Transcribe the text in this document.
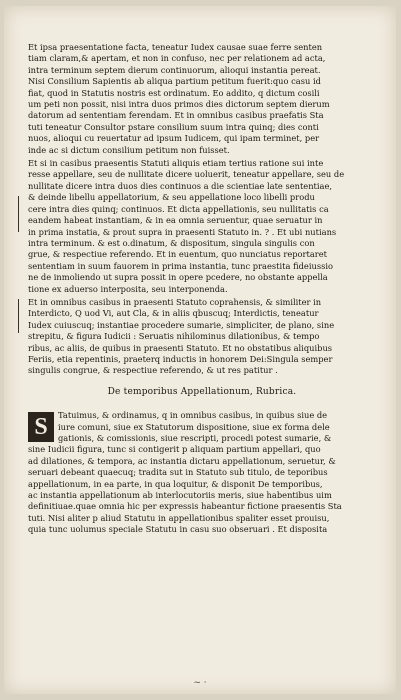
Et ipsa praesentatione facta, teneatur Iudex causae suae ferre senten
tiam claram,& apertam, et non in confuso, nec per relationem ad acta,
intra terminum septem dierum continuorum, alioqui instantia pereat.
Nisi Consilium Sapientis ab aliqua partium petitum fuerit:quo casu id
fiat, quod in Statutis nostris est ordinatum. Eo addito, q dictum cosili
um peti non possit, nisi intra duos primos dies dictorum septem dierum
datorum ad sententiam ferendam. Et in omnibus casibus praefatis Sta
tuti teneatur Consultor pstare consilium suum intra quinq; dies conti
nuos, alioqui cu reuertatur ad ipsum Iudicem, qui ipam terminet, per
inde ac si dictum consilium petitum non fuisset.

Et si in casibus praesentis Statuti aliquis etiam tertius ratione sui inte
resse appellare, seu de nullitate dicere uoluerit, teneatur appellare, seu de
nullitate dicere intra duos dies continuos a die scientiae late sententiae,
& deinde libellu appellatorium, & seu appellatione loco libelli produ
cere intra dies quinq; continuos. Et dicta appellationis, seu nullitatis ca
eandem habeat instantiam, & in ea omnia seruentur, quae seruatur in
in prima instatia, & prout supra in praesenti Statuto in. ? . Et ubi nutians
intra terminum. & est o.dinatum, & dispositum, singula singulis con
grue, & respectiue referendo. Et in euentum, quo nunciatus reportaret
sententiam in suum fauorem in prima instantia, tunc praestita fideiussio
ne de inmoliendo ut supra possit in opere pcedere, no obstante appella
tione ex aduerso interposita, seu interponenda.

Et in omnibus casibus in praesenti Statuto coprahensis, & similiter in
Interdicto, Q uod Vi, aut Cla, & in aliis qbuscuq; Interdictis, teneatur
Iudex cuiuscuq; instantiae procedere sumarie, simpliciter, de plano, sine
strepitu, & figura Iudicii : Seruatis nihilominus dilationibus, & tempo
ribus, ac aliis, de quibus in praesenti Statuto. Et no obstatibus aliquibus
Feriis, etia repentinis, praeterq inductis in honorem Dei:Singula semper
singulis congrue, & respectiue referendo, & ut res patitur .

De temporibus Appellationum, Rubrica.
S	Tatuimus, & ordinamus, q in omnibus casibus, in quibus siue de
iure comuni, siue ex Statutorum dispositione, siue ex forma dele
gationis, & comissionis, siue rescripti, procedi potest sumarie, &
sine Iudicii figura, tunc si contigerit p aliquam partium appellari, quo
ad dilationes, & tempora, ac instantia dictaru appellationum, seruetur, &
seruari debeant quaecuq; tradita sut in Statuto sub titulo, de teporibus
appellationum, in ea parte, in qua loquitur, & disponit De temporibus,
ac instantia appellationum ab interlocutoriis meris, siue habentibus uim
definitiuae.quae omnia hic per expressis habeantur fictione praesentis Sta
tuti. Nisi aliter p aliud Statutu in appellationibus spaliter esset prouisu,
quia tunc uolumus speciale Statutu in casu suo obseruari . Et disposita

~ ·
